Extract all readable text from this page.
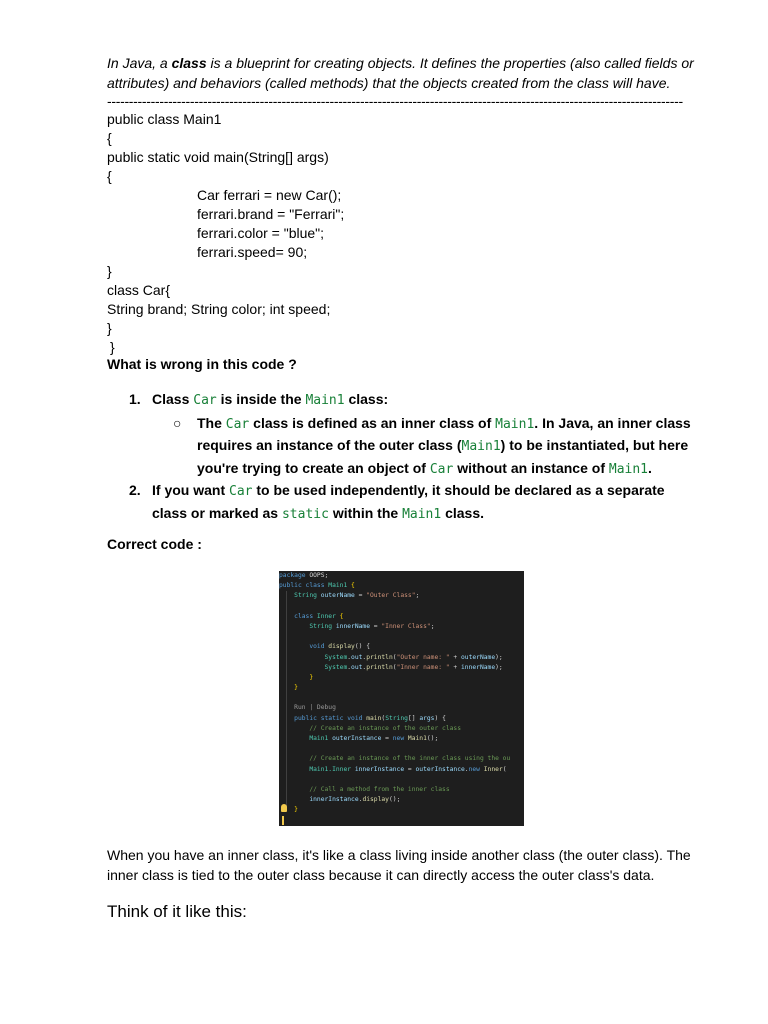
In Java, a class is a blueprint for creating objects. It defines the properties (also called fields or attributes) and behaviors (called methods) that the objects created from the class will have.

------------------------------------------------------------------------------------------------------------------------------------
public class Main1
{
public static void main(String[] args)
{
Car ferrari = new Car();
ferrari.brand = "Ferrari";
ferrari.color = "blue";
ferrari.speed= 90;
}
class Car{
String brand; String color; int speed;
}
}
What is wrong in this code ?
1. Class Car is inside the Main1 class:
○ The Car class is defined as an inner class of Main1. In Java, an inner class requires an instance of the outer class (Main1) to be instantiated, but here you're trying to create an object of Car without an instance of Main1.
2. If you want Car to be used independently, it should be declared as a separate class or marked as static within the Main1 class.
Correct code :
package OOPS;
public class Main1 {
String outerName = "Outer Class";
class Inner {
String innerName = "Inner Class";
void display() {
System.out.println("Outer name: " + outerName);
System.out.println("Inner name: " + innerName);
}
}
Run | Debug
public static void main(String[] args) {
// Create an instance of the outer class
Main1 outerInstance = new Main1();
// Create an instance of the inner class using the ou
Main1.Inner innerInstance = outerInstance.new Inner(
// Call a method from the inner class
innerInstance.display();
}

When you have an inner class, it's like a class living inside another class (the outer class). The inner class is tied to the outer class because it can directly access the outer class's data.

Think of it like this:
